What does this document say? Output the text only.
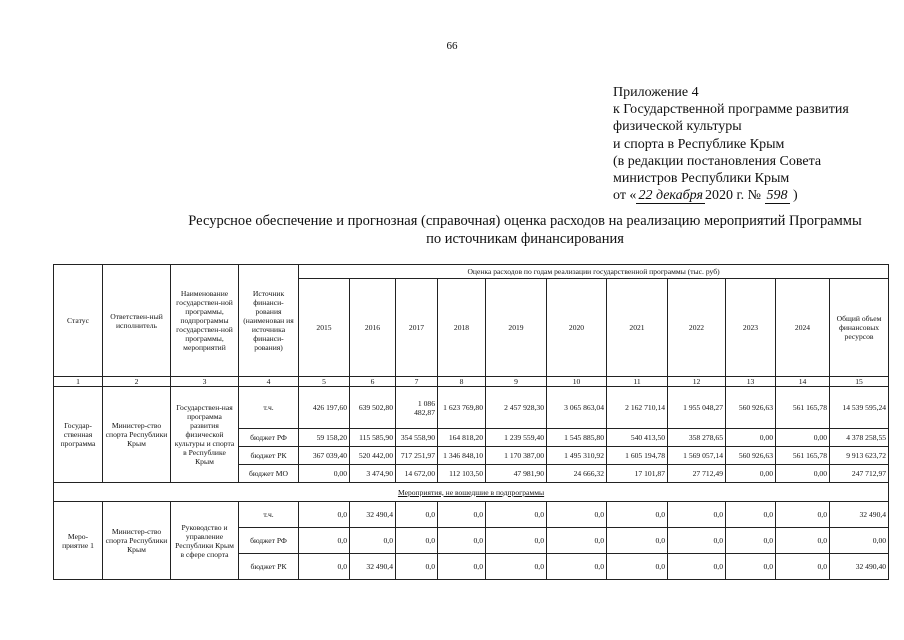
66
Приложение 4
к Государственной программе развития
физической культуры
и спорта в Республике Крым
(в редакции постановления Совета
министров Республики Крым
от « 22 декабря 2020 г. № 598 )
Ресурсное обеспечение и прогнозная (справочная) оценка расходов на реализацию мероприятий Программы
по источникам финансирования
Статус	Ответствен-ный исполнитель	Наименование государствен-ной программы, подпрограммы государствен-ной программы, мероприятий	Источник финанси-рования (наименован ия источника финанси-рования)	Оценка расходов по годам реализации государственной программы (тыс. руб)										
				2015	2016	2017	2018	2019	2020	2021	2022	2023	2024	Общий объем финансовых ресурсов
1	2	3	4	5	6	7	8	9	10	11	12	13	14	15
Государ-ственная программа	Министер-ство спорта Республики Крым	Государствен-ная программа развития физической культуры и спорта в Республике Крым	т.ч.	426 197,60	639 502,80	1 086 482,87	1 623 769,80	2 457 928,30	3 065 863,04	2 162 710,14	1 955 048,27	560 926,63	561 165,78	14 539 595,24
			бюджет РФ	59 158,20	115 585,90	354 558,90	164 818,20	1 239 559,40	1 545 885,80	540 413,50	358 278,65	0,00	0,00	4 378 258,55
			бюджет РК	367 039,40	520 442,00	717 251,97	1 346 848,10	1 170 387,00	1 495 310,92	1 605 194,78	1 569 057,14	560 926,63	561 165,78	9 913 623,72
			бюджет МО	0,00	3 474,90	14 672,00	112 103,50	47 981,90	24 666,32	17 101,87	27 712,49	0,00	0,00	247 712,97
Мероприятия, не вошедшие в подпрограммы														
Меро-приятие 1	Министер-ство спорта Республики Крым	Руководство и управление Республики Крым в сфере спорта	т.ч.	0,0	32 490,4	0,0	0,0	0,0	0,0	0,0	0,0	0,0	0,0	32 490,4
			бюджет РФ	0,0	0,0	0,0	0,0	0,0	0,0	0,0	0,0	0,0	0,0	0,00
			бюджет РК	0,0	32 490,4	0,0	0,0	0,0	0,0	0,0	0,0	0,0	0,0	32 490,40
